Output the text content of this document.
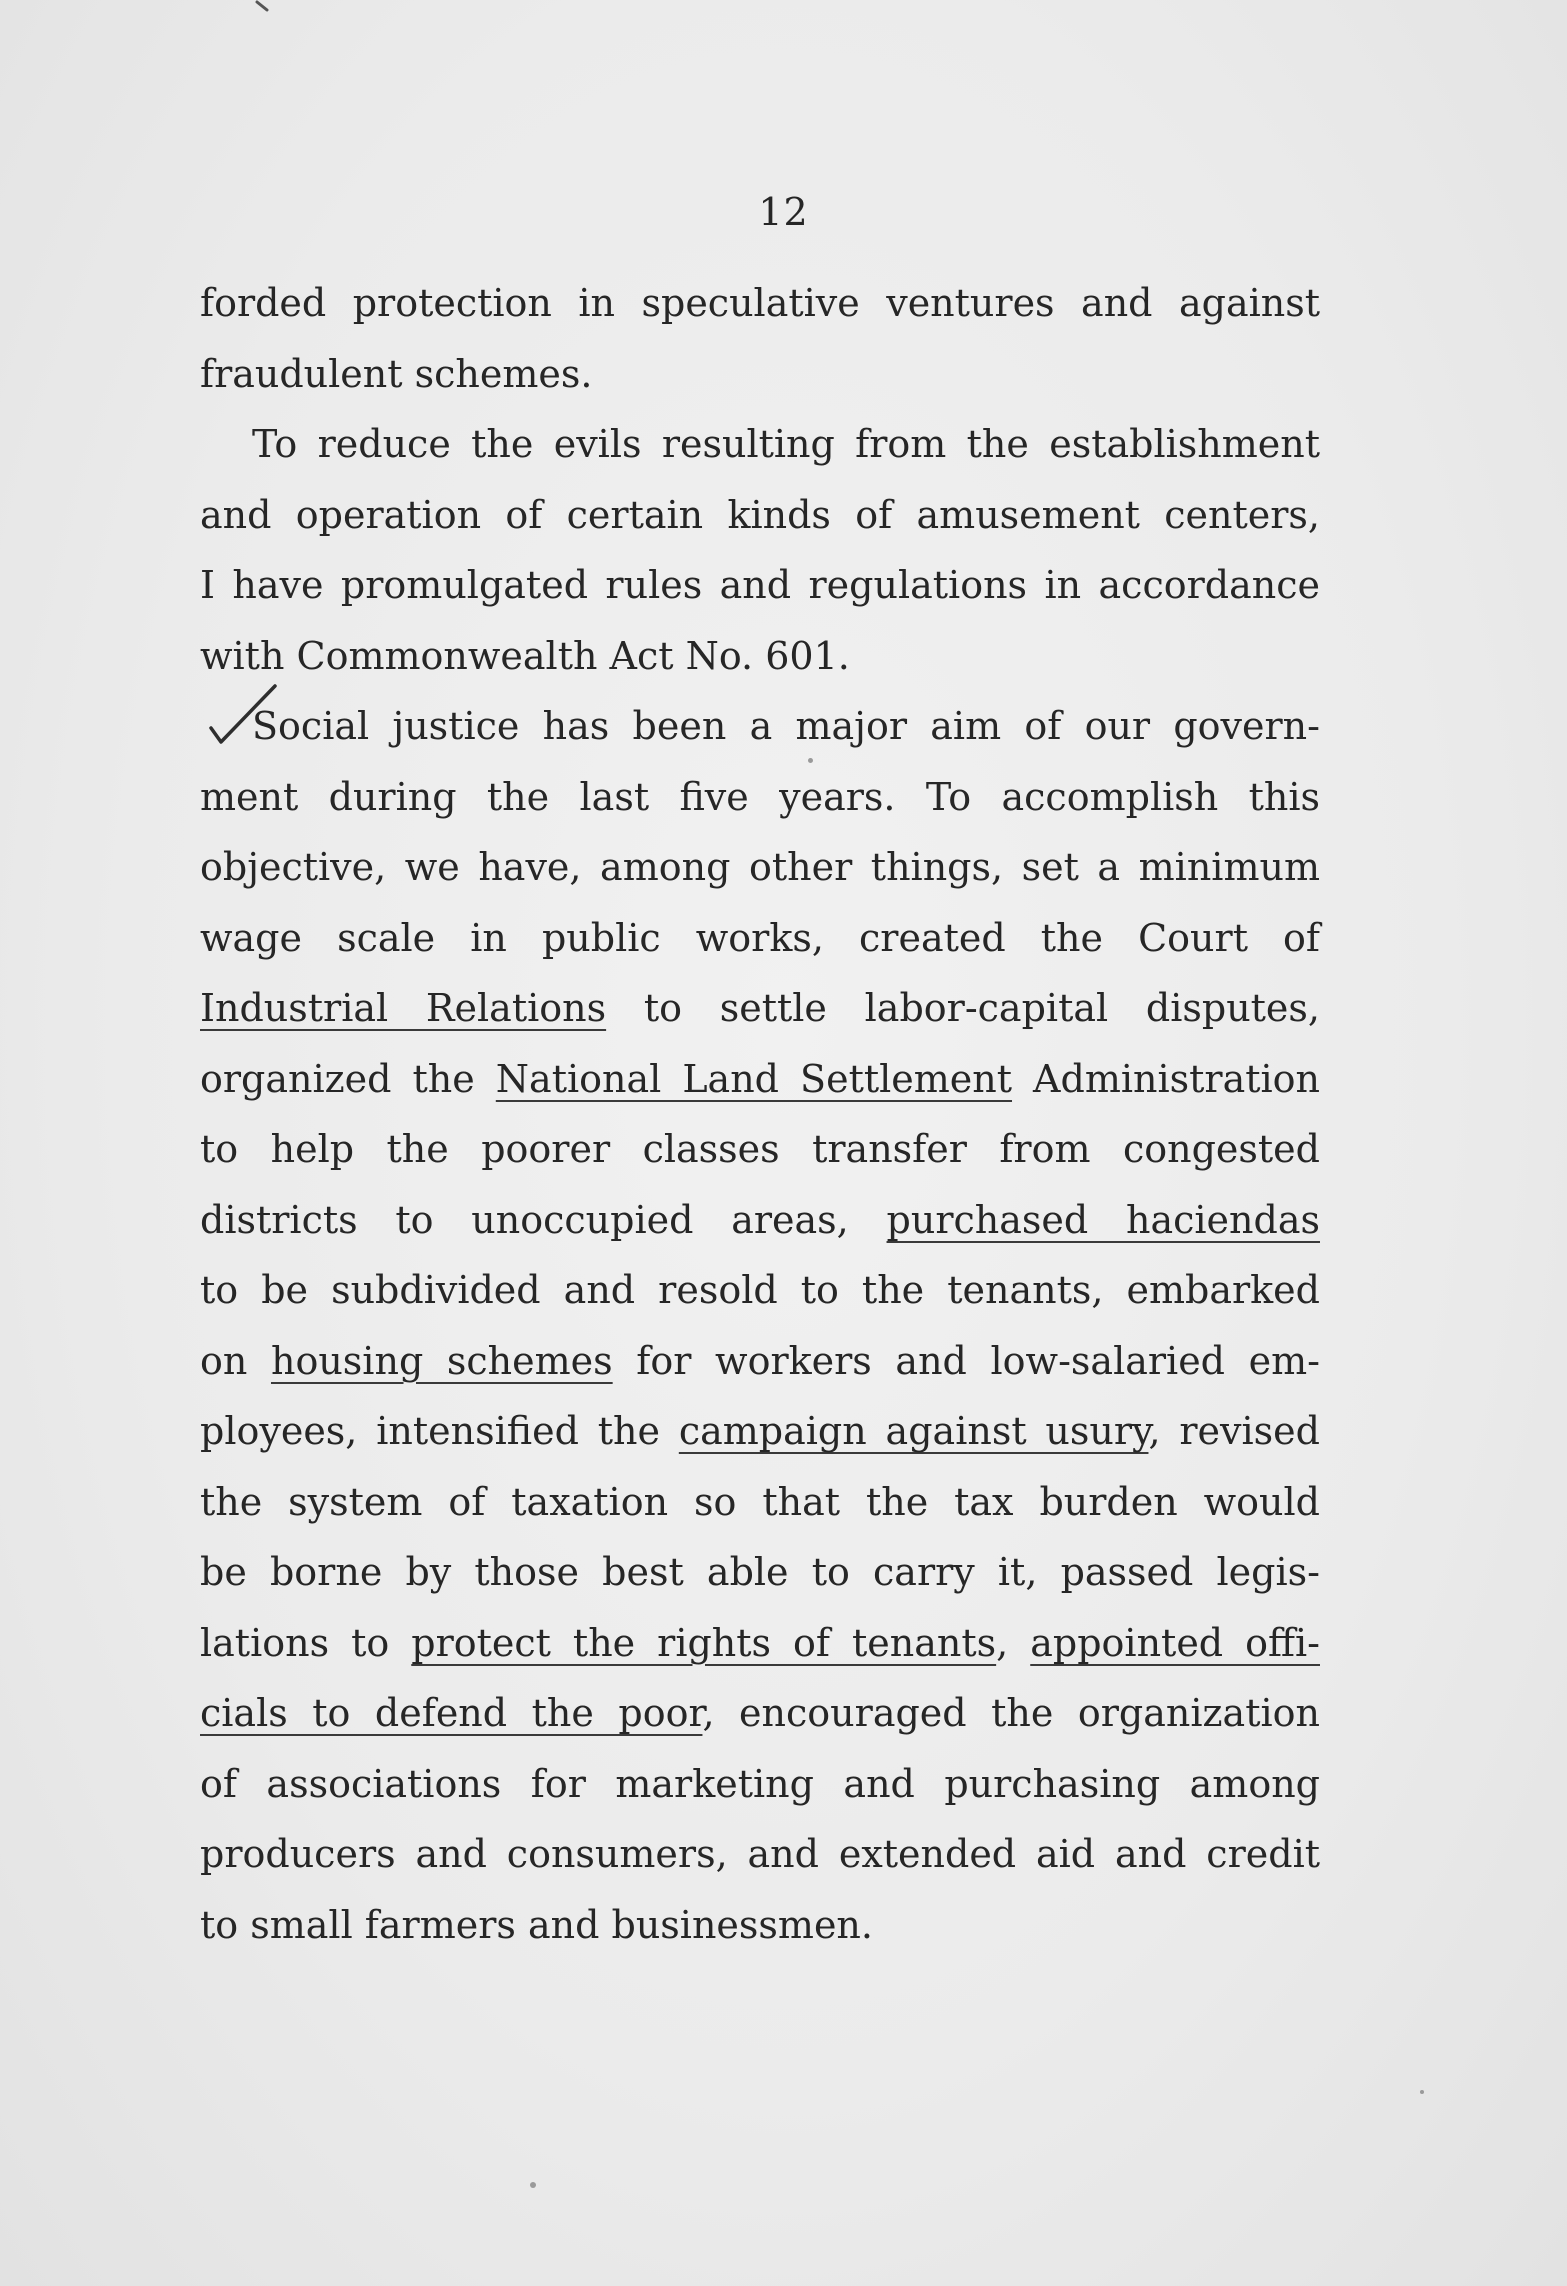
12
forded protection in speculative ventures and against
fraudulent schemes.
To reduce the evils resulting from the establishment
and operation of certain kinds of amusement centers,
I have promulgated rules and regulations in accordance
with Commonwealth Act No. 601.
Social justice has been a major aim of our govern-
ment during the last five years. To accomplish this
objective, we have, among other things, set a minimum
wage scale in public works, created the Court of
Industrial Relations to settle labor-capital disputes,
organized the National Land Settlement Administration
to help the poorer classes transfer from congested
districts to unoccupied areas, purchased haciendas
to be subdivided and resold to the tenants, embarked
on housing schemes for workers and low-salaried em-
ployees, intensified the campaign against usury, revised
the system of taxation so that the tax burden would
be borne by those best able to carry it, passed legis-
lations to protect the rights of tenants, appointed offi-
cials to defend the poor, encouraged the organization
of associations for marketing and purchasing among
producers and consumers, and extended aid and credit
to small farmers and businessmen.
